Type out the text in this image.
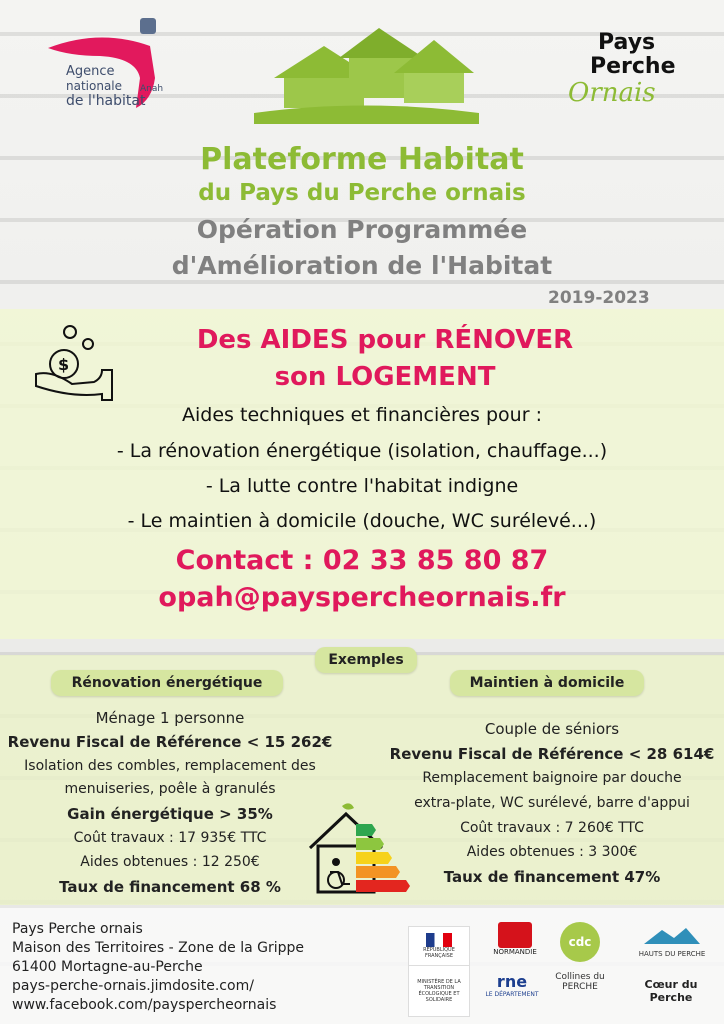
Agence
nationale
de l'habitat
Anah
Pays
Perche
Ornais
Plateforme Habitat
du Pays du Perche ornais
Opération Programmée
d'Amélioration de l'Habitat
2019-2023
$
Des AIDES pour RÉNOVER
son LOGEMENT
Aides techniques et financières pour :
- La rénovation énergétique (isolation, chauffage...)
- La lutte contre l'habitat indigne
- Le maintien à domicile (douche, WC surélevé...)
Contact : 02 33 85 80 87
opah@payspercheornais.fr
Exemples
Rénovation énergétique	Maintien à domicile
Ménage 1 personne
Revenu Fiscal de Référence < 15 262€
Isolation des combles, remplacement des
menuiseries, poêle à granulés
Gain énergétique > 35%
Coût travaux : 17 935€ TTC
Aides obtenues : 12 250€
Taux de financement 68 %
Couple de séniors
Revenu Fiscal de Référence < 28 614€
Remplacement baignoire par douche
extra-plate, WC surélevé, barre d'appui
Coût travaux : 7 260€ TTC
Aides obtenues : 3 300€
Taux de financement 47%
Pays Perche ornais
Maison des Territoires - Zone de la Grippe
61400 Mortagne-au-Perche
pays-perche-ornais.jimdosite.com/
www.facebook.com/payspercheornais
RÉPUBLIQUE FRANÇAISE
MINISTÈRE DE LA TRANSITION ÉCOLOGIQUE ET SOLIDAIRE
NORMANDIE
rne
LE DÉPARTEMENT
cdc
Collines du PERCHE
HAUTS DU PERCHE
Cœur du Perche
